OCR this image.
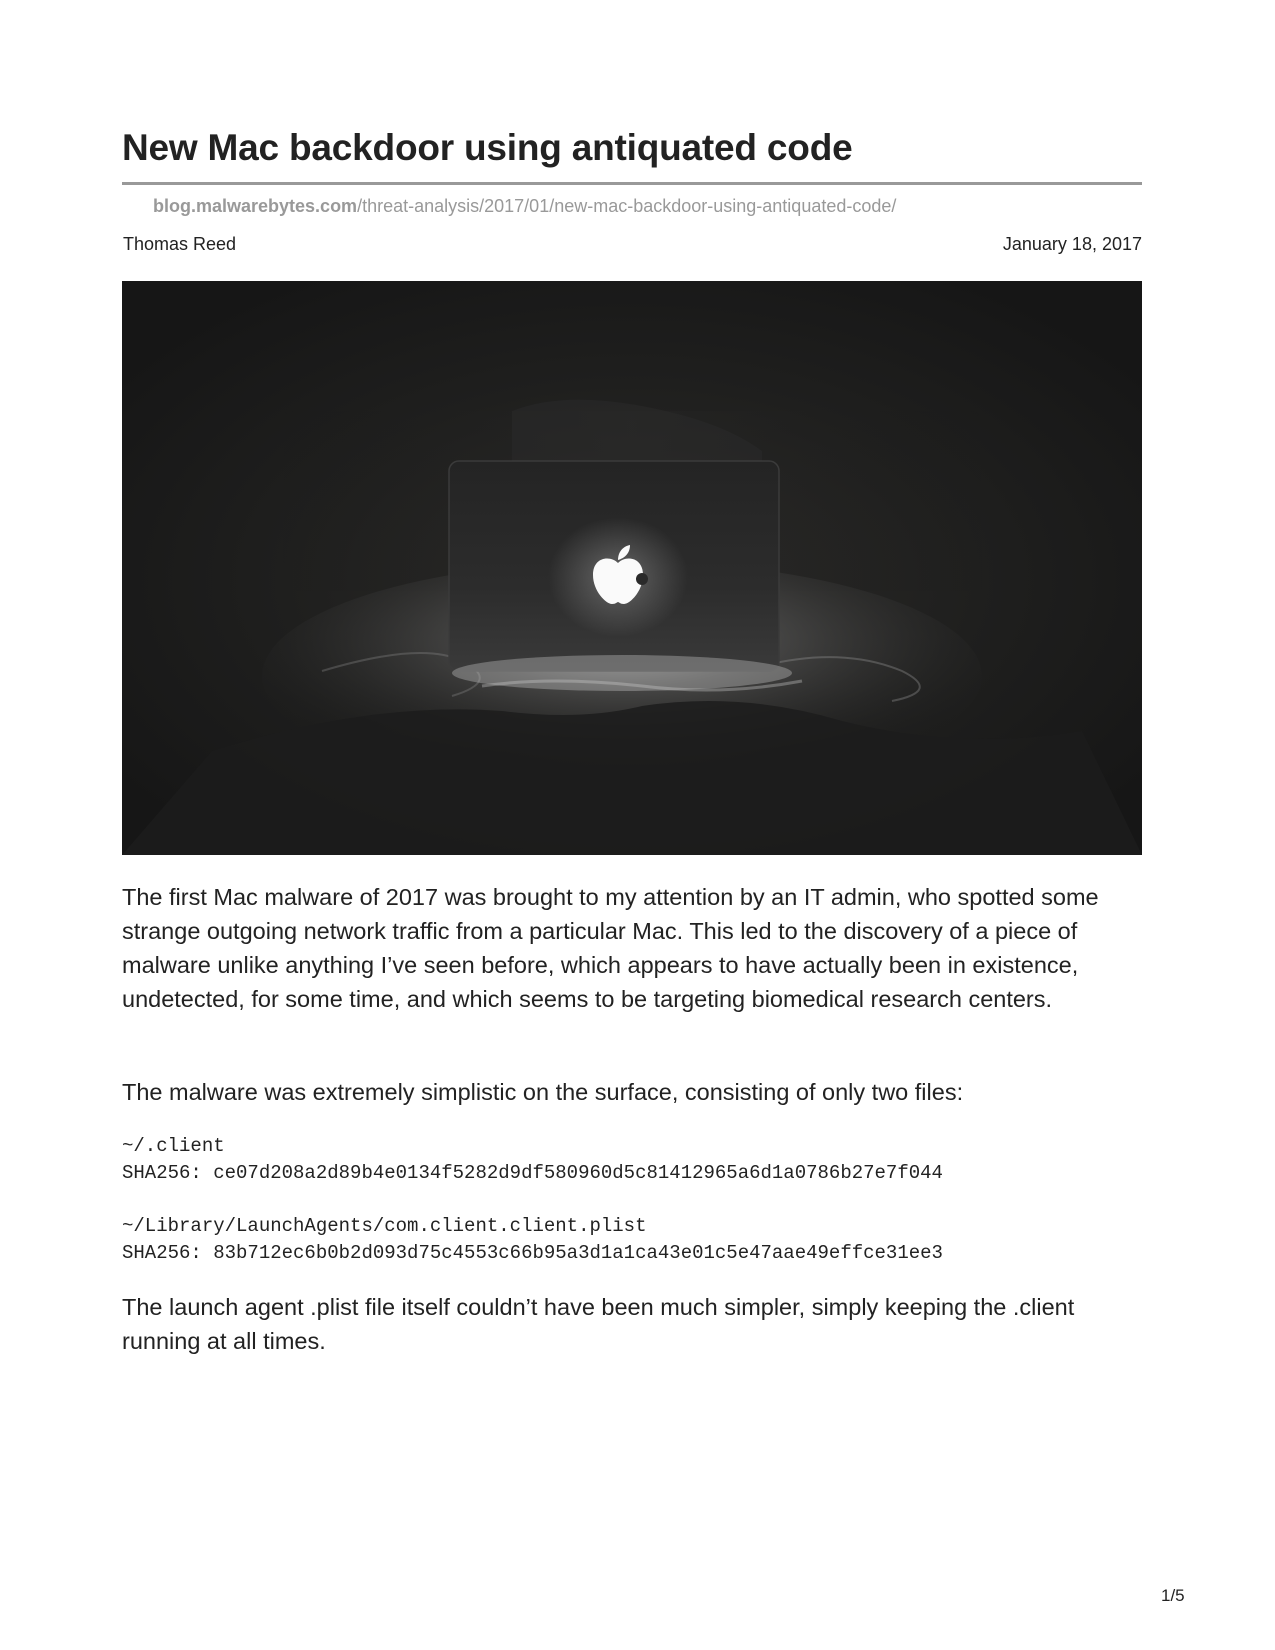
New Mac backdoor using antiquated code
blog.malwarebytes.com/threat-analysis/2017/01/new-mac-backdoor-using-antiquated-code/
Thomas Reed	January 18, 2017

The first Mac malware of 2017 was brought to my attention by an IT admin, who spotted some strange outgoing network traffic from a particular Mac. This led to the discovery of a piece of malware unlike anything I’ve seen before, which appears to have actually been in existence, undetected, for some time, and which seems to be targeting biomedical research centers.

The malware was extremely simplistic on the surface, consisting of only two files:

~/.client
SHA256: ce07d208a2d89b4e0134f5282d9df580960d5c81412965a6d1a0786b27e7f044
~/Library/LaunchAgents/com.client.client.plist
SHA256: 83b712ec6b0b2d093d75c4553c66b95a3d1a1ca43e01c5e47aae49effce31ee3

The launch agent .plist file itself couldn’t have been much simpler, simply keeping the .client running at all times.

1/5
